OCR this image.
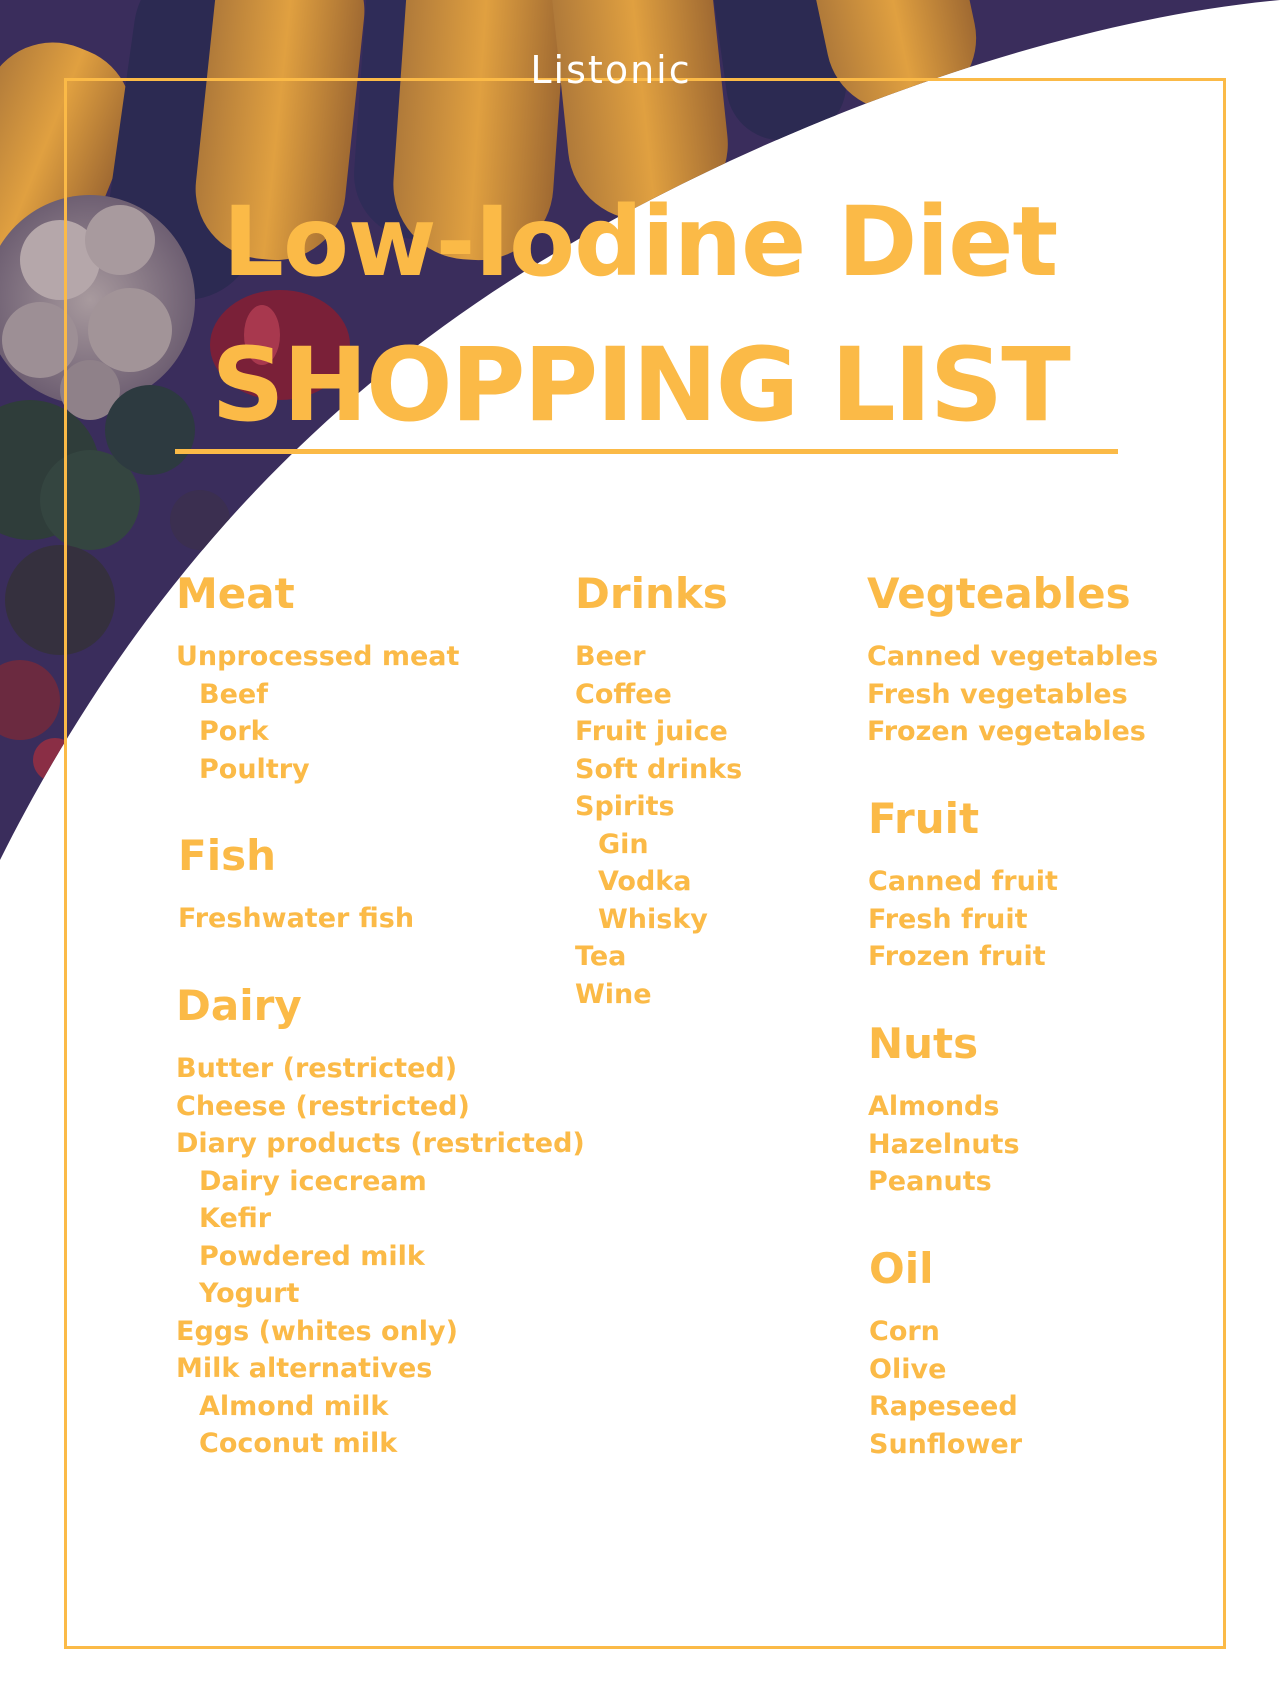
Listonic
Low-Iodine Diet
SHOPPING LIST
Meat
Unprocessed meat
Beef
Pork
Poultry
Fish
Freshwater fish
Dairy
Butter (restricted)
Cheese (restricted)
Diary products (restricted)
Dairy icecream
Kefir
Powdered milk
Yogurt
Eggs (whites only)
Milk alternatives
Almond milk
Coconut milk
Drinks
Beer
Coffee
Fruit juice
Soft drinks
Spirits
Gin
Vodka
Whisky
Tea
Wine
Vegteables
Canned vegetables
Fresh vegetables
Frozen vegetables
Fruit
Canned fruit
Fresh fruit
Frozen fruit
Nuts
Almonds
Hazelnuts
Peanuts
Oil
Corn
Olive
Rapeseed
Sunflower
